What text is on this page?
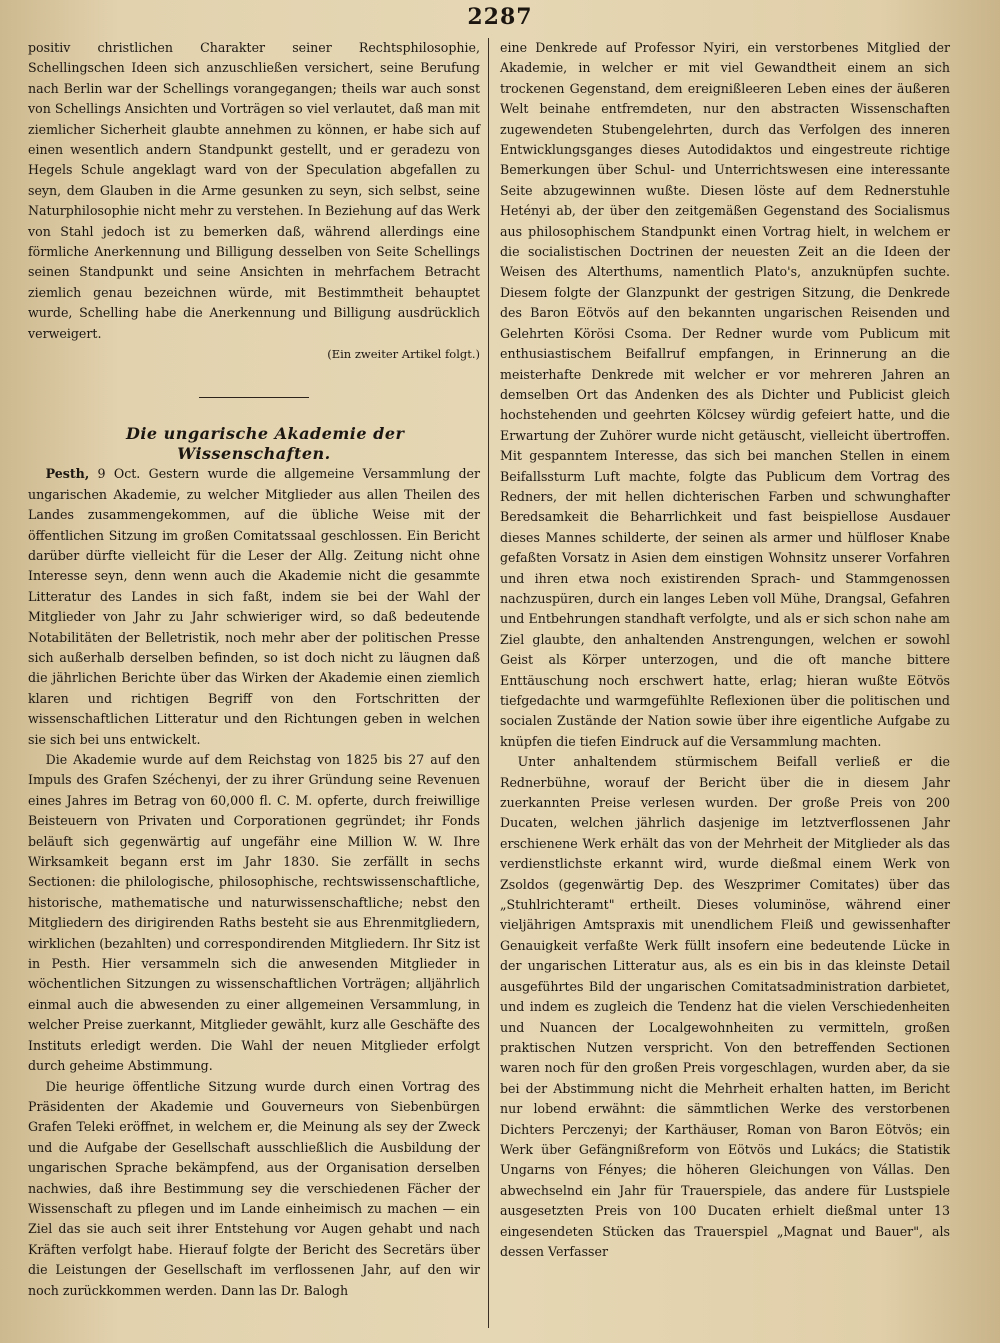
2287

positiv christlichen Charakter seiner Rechtsphilosophie, Schellingschen Ideen sich anzuschließen versichert, seine Berufung nach Berlin war der Schellings vorangegangen; theils war auch sonst von Schellings Ansichten und Vorträgen so viel verlautet, daß man mit ziemlicher Sicherheit glaubte annehmen zu können, er habe sich auf einen wesentlich andern Standpunkt gestellt, und er geradezu von Hegels Schule angeklagt ward von der Speculation abgefallen zu seyn, dem Glauben in die Arme gesunken zu seyn, sich selbst, seine Naturphilosophie nicht mehr zu verstehen. In Beziehung auf das Werk von Stahl jedoch ist zu bemerken daß, während allerdings eine förmliche Anerkennung und Billigung desselben von Seite Schellings seinen Standpunkt und seine Ansichten in mehrfachem Betracht ziemlich genau bezeichnen würde, mit Bestimmtheit behauptet wurde, Schelling habe die Anerkennung und Billigung ausdrücklich verweigert.

(Ein zweiter Artikel folgt.)

Die ungarische Akademie der Wissenschaften.

Pesth, 9 Oct. Gestern wurde die allgemeine Versammlung der ungarischen Akademie, zu welcher Mitglieder aus allen Theilen des Landes zusammengekommen, auf die übliche Weise mit der öffentlichen Sitzung im großen Comitatssaal geschlossen. Ein Bericht darüber dürfte vielleicht für die Leser der Allg. Zeitung nicht ohne Interesse seyn, denn wenn auch die Akademie nicht die gesammte Litteratur des Landes in sich faßt, indem sie bei der Wahl der Mitglieder von Jahr zu Jahr schwieriger wird, so daß bedeutende Notabilitäten der Belletristik, noch mehr aber der politischen Presse sich außerhalb derselben befinden, so ist doch nicht zu läugnen daß die jährlichen Berichte über das Wirken der Akademie einen ziemlich klaren und richtigen Begriff von den Fortschritten der wissenschaftlichen Litteratur und den Richtungen geben in welchen sie sich bei uns entwickelt.

Die Akademie wurde auf dem Reichstag von 1825 bis 27 auf den Impuls des Grafen Széchenyi, der zu ihrer Gründung seine Revenuen eines Jahres im Betrag von 60,000 fl. C. M. opferte, durch freiwillige Beisteuern von Privaten und Corporationen gegründet; ihr Fonds beläuft sich gegenwärtig auf ungefähr eine Million W. W. Ihre Wirksamkeit begann erst im Jahr 1830. Sie zerfällt in sechs Sectionen: die philologische, philosophische, rechtswissenschaftliche, historische, mathematische und naturwissenschaftliche; nebst den Mitgliedern des dirigirenden Raths besteht sie aus Ehrenmitgliedern, wirklichen (bezahlten) und correspondirenden Mitgliedern. Ihr Sitz ist in Pesth. Hier versammeln sich die anwesenden Mitglieder in wöchentlichen Sitzungen zu wissenschaftlichen Vorträgen; alljährlich einmal auch die abwesenden zu einer allgemeinen Versammlung, in welcher Preise zuerkannt, Mitglieder gewählt, kurz alle Geschäfte des Instituts erledigt werden. Die Wahl der neuen Mitglieder erfolgt durch geheime Abstimmung.

Die heurige öffentliche Sitzung wurde durch einen Vortrag des Präsidenten der Akademie und Gouverneurs von Siebenbürgen Grafen Teleki eröffnet, in welchem er, die Meinung als sey der Zweck und die Aufgabe der Gesellschaft ausschließlich die Ausbildung der ungarischen Sprache bekämpfend, aus der Organisation derselben nachwies, daß ihre Bestimmung sey die verschiedenen Fächer der Wissenschaft zu pflegen und im Lande einheimisch zu machen — ein Ziel das sie auch seit ihrer Entstehung vor Augen gehabt und nach Kräften verfolgt habe. Hierauf folgte der Bericht des Secretärs über die Leistungen der Gesellschaft im verflossenen Jahr, auf den wir noch zurückkommen werden. Dann las Dr. Balogh

eine Denkrede auf Professor Nyiri, ein verstorbenes Mitglied der Akademie, in welcher er mit viel Gewandtheit einem an sich trockenen Gegenstand, dem ereignißleeren Leben eines der äußeren Welt beinahe entfremdeten, nur den abstracten Wissenschaften zugewendeten Stubengelehrten, durch das Verfolgen des inneren Entwicklungsganges dieses Autodidaktos und eingestreute richtige Bemerkungen über Schul- und Unterrichtswesen eine interessante Seite abzugewinnen wußte. Diesen löste auf dem Rednerstuhle Hetényi ab, der über den zeitgemäßen Gegenstand des Socialismus aus philosophischem Standpunkt einen Vortrag hielt, in welchem er die socialistischen Doctrinen der neuesten Zeit an die Ideen der Weisen des Alterthums, namentlich Plato's, anzuknüpfen suchte. Diesem folgte der Glanzpunkt der gestrigen Sitzung, die Denkrede des Baron Eötvös auf den bekannten ungarischen Reisenden und Gelehrten Körösi Csoma. Der Redner wurde vom Publicum mit enthusiastischem Beifallruf empfangen, in Erinnerung an die meisterhafte Denkrede mit welcher er vor mehreren Jahren an demselben Ort das Andenken des als Dichter und Publicist gleich hochstehenden und geehrten Kölcsey würdig gefeiert hatte, und die Erwartung der Zuhörer wurde nicht getäuscht, vielleicht übertroffen. Mit gespanntem Interesse, das sich bei manchen Stellen in einem Beifallssturm Luft machte, folgte das Publicum dem Vortrag des Redners, der mit hellen dichterischen Farben und schwunghafter Beredsamkeit die Beharrlichkeit und fast beispiellose Ausdauer dieses Mannes schilderte, der seinen als armer und hülfloser Knabe gefaßten Vorsatz in Asien dem einstigen Wohnsitz unserer Vorfahren und ihren etwa noch existirenden Sprach- und Stammgenossen nachzuspüren, durch ein langes Leben voll Mühe, Drangsal, Gefahren und Entbehrungen standhaft verfolgte, und als er sich schon nahe am Ziel glaubte, den anhaltenden Anstrengungen, welchen er sowohl Geist als Körper unterzogen, und die oft manche bittere Enttäuschung noch erschwert hatte, erlag; hieran wußte Eötvös tiefgedachte und warmgefühlte Reflexionen über die politischen und socialen Zustände der Nation sowie über ihre eigentliche Aufgabe zu knüpfen die tiefen Eindruck auf die Versammlung machten.

Unter anhaltendem stürmischem Beifall verließ er die Rednerbühne, worauf der Bericht über die in diesem Jahr zuerkannten Preise verlesen wurden. Der große Preis von 200 Ducaten, welchen jährlich dasjenige im letztverflossenen Jahr erschienene Werk erhält das von der Mehrheit der Mitglieder als das verdienstlichste erkannt wird, wurde dießmal einem Werk von Zsoldos (gegenwärtig Dep. des Weszprimer Comitates) über das „Stuhlrichteramt" ertheilt. Dieses voluminöse, während einer vieljährigen Amtspraxis mit unendlichem Fleiß und gewissenhafter Genauigkeit verfaßte Werk füllt insofern eine bedeutende Lücke in der ungarischen Litteratur aus, als es ein bis in das kleinste Detail ausgeführtes Bild der ungarischen Comitatsadministration darbietet, und indem es zugleich die Tendenz hat die vielen Verschiedenheiten und Nuancen der Localgewohnheiten zu vermitteln, großen praktischen Nutzen verspricht. Von den betreffenden Sectionen waren noch für den großen Preis vorgeschlagen, wurden aber, da sie bei der Abstimmung nicht die Mehrheit erhalten hatten, im Bericht nur lobend erwähnt: die sämmtlichen Werke des verstorbenen Dichters Perczenyi; der Karthäuser, Roman von Baron Eötvös; ein Werk über Gefängnißreform von Eötvös und Lukács; die Statistik Ungarns von Fényes; die höheren Gleichungen von Vállas. Den abwechselnd ein Jahr für Trauerspiele, das andere für Lustspiele ausgesetzten Preis von 100 Ducaten erhielt dießmal unter 13 eingesendeten Stücken das Trauerspiel „Magnat und Bauer", als dessen Verfasser
